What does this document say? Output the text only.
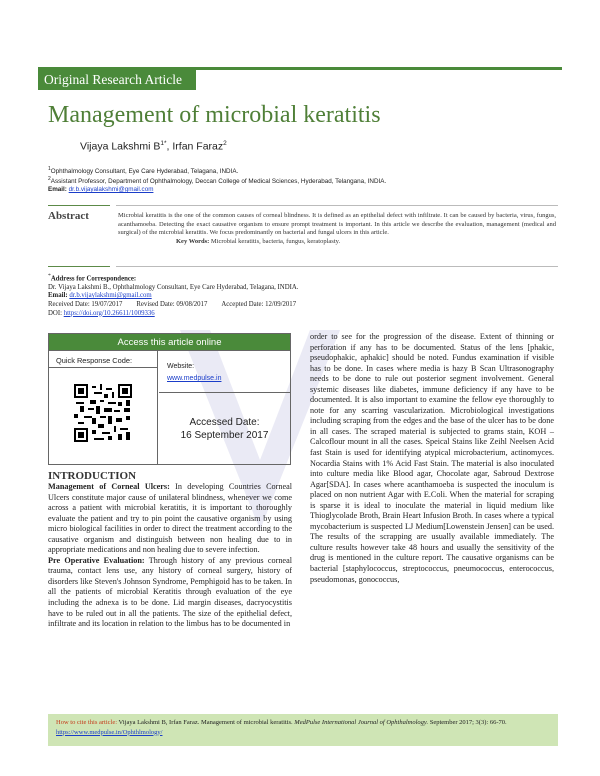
Original Research Article
Management of microbial keratitis
Vijaya Lakshmi $B^{1*}$, Irfan Faraz$^2$
$^1$Ophthalmology Consultant, Eye Care Hyderabad, Telagana, INDIA.
$^2$Assistant Professor, Department of Ophthalmology, Deccan College of Medical Sciences, Hyderabad, Telangana, INDIA.
Email: dr.b.vijayalakshmi@gmail.com
Abstract	Microbial keratitis is the one of the common causes of corneal blindness. It is defined as an epithelial defect with infiltrate. It can be caused by bacteria, virus, fungus, acanthamoeba. Detecting the exact causative organism to ensure prompt treatment is important. In this article we describe the evaluation, management (medical and surgical) of the microbial keratitis. We focus predominantly on bacterial and fungal ulcers in this article.
Key Words: Microbial keratitis, bacteria, fungus, keratoplasty.
*Address for Correspondence:
Dr. Vijaya Lakshmi B., Ophthalmology Consultant, Eye Care Hyderabad, Telagana, INDIA.
Email: dr.b.vijaylakshmi@gmail.com
Received Date: 19/07/2017 Revised Date: 09/08/2017 Accepted Date: 12/09/2017
DOI: https://doi.org/10.26611/1009336
Access this article online
Quick Response Code:
Website:
www.medpulse.in
Accessed Date:
16 September 2017
INTRODUCTION

Management of Corneal Ulcers: In developing Countries Corneal Ulcers constitute major cause of unilateral blindness, whenever we come across a patient with microbial keratitis, it is important to thoroughly evaluate the patient and try to pin point the causative organism by using micro biological facilities in order to direct the treatment according to the causative organism and distinguish between non healing due to in appropriate medications and non healing due to severe infection.

Pre Operative Evaluation: Through history of any previous corneal trauma, contact lens use, any history of corneal surgery, history of disorders like Steven's Johnson Syndrome, Pemphigoid has to be taken. In all the patients of microbial Keratitis through evaluation of the eye including the adnexa is to be done. Lid margin diseases, dacryocystitis have to be ruled out in all the patients. The size of the epithelial defect, infiltrate and its location in relation to the limbus has to be documented in

order to see for the progression of the disease. Extent of thinning or perforation if any has to be documented. Status of the lens [phakic, pseudophakic, aphakic] should be noted. Fundus examination if visible has to be done. In cases where media is hazy B Scan Ultrasonography needs to be done to rule out posterior segment involvement. General systemic diseases like diabetes, immune deficiency if any have to be documented. It is also important to examine the fellow eye thoroughly to note for any scarring vascularization. Microbiological investigations including scraping from the edges and the base of the ulcer has to be done in all cases. The scraped material is subjected to grams stain, KOH – Calcoflour mount in all the cases. Speical Stains like Zeihl Neelsen Acid fast Stain is used for identifying atypical microbacterium, actinomyces. Nocardia Stains with 1% Acid Fast Stain. The material is also inoculated into culture media like Blood agar, Chocolate agar, Sabroud Dextrose Agar[SDA]. In cases where acanthamoeba is suspected the inoculum is placed on non nutrient Agar with E.Coli. When the material for scraping is sparse it is ideal to inoculate the material in liquid medium like Thioglycolade Broth, Brain Heart Infusion Broth. In cases where a typical mycobacterium is suspected LJ Medium[Lowenstein Jensen] can be used. The results of the scrapping are usually available immediately. The culture results however take 48 hours and usually the sensitivity of the drug is mentioned in the culture report. The causative organisms can be bacterial [staphylococcus, streptococcus, pneumococcus, enterococcus, pseudomonas, gonococcus,

How to cite this article: Vijaya Lakshmi B, Irfan Faraz. Management of microbial keratitis. MedPulse International Journal of Ophthalmology. September 2017; 3(3): 66-70. https://www.medpulse.in/Ophthlmology/
